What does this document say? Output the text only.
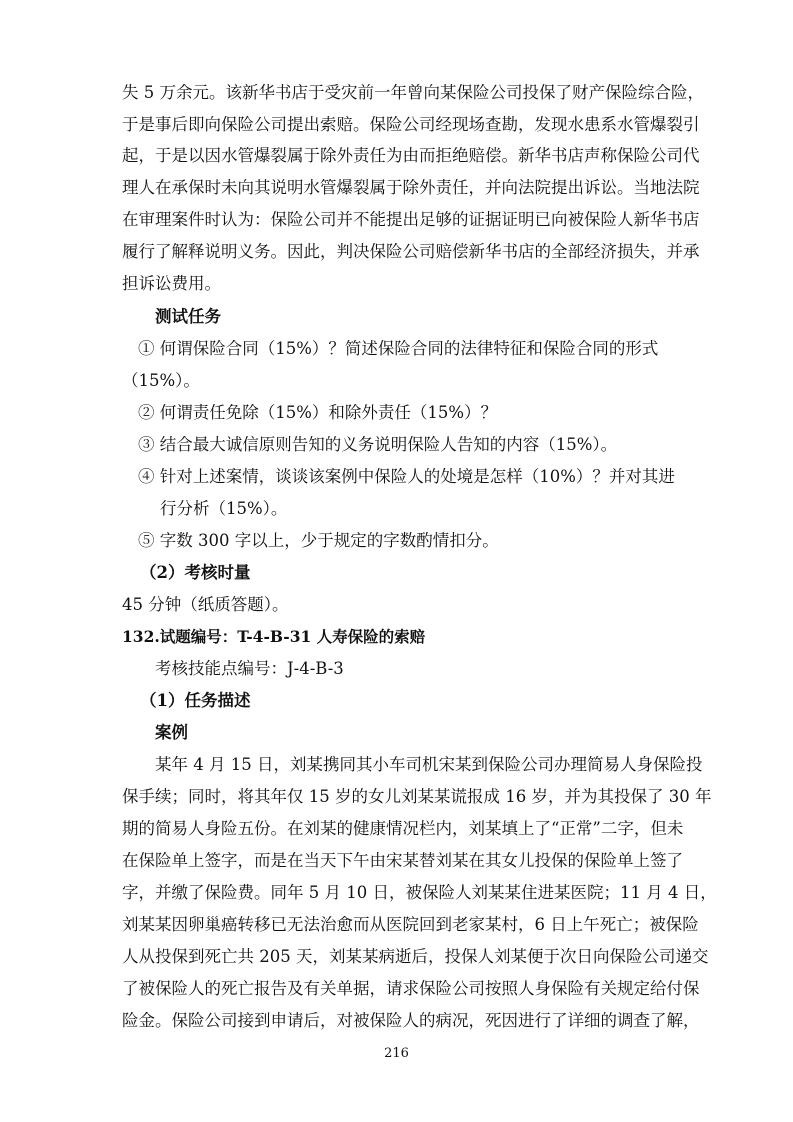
失 5 万余元。该新华书店于受灾前一年曾向某保险公司投保了财产保险综合险，
于是事后即向保险公司提出索赔。保险公司经现场查勘，发现水患系水管爆裂引
起，于是以因水管爆裂属于除外责任为由而拒绝赔偿。新华书店声称保险公司代
理人在承保时未向其说明水管爆裂属于除外责任，并向法院提出诉讼。当地法院
在审理案件时认为：保险公司并不能提出足够的证据证明已向被保险人新华书店
履行了解释说明义务。因此，判决保险公司赔偿新华书店的全部经济损失，并承
担诉讼费用。
测试任务
① 何谓保险合同（15%）？简述保险合同的法律特征和保险合同的形式
（15%）。
② 何谓责任免除（15%）和除外责任（15%）？
③ 结合最大诚信原则告知的义务说明保险人告知的内容（15%）。
④ 针对上述案情，谈谈该案例中保险人的处境是怎样（10%）？并对其进
行分析（15%）。
⑤ 字数 300 字以上，少于规定的字数酌情扣分。
（2）考核时量
45 分钟（纸质答题）。
132.试题编号：T-4-B-31 人寿保险的索赔
考核技能点编号：J-4-B-3
（1）任务描述
案例
某年 4 月 15 日，刘某携同其小车司机宋某到保险公司办理简易人身保险投
保手续；同时，将其年仅 15 岁的女儿刘某某谎报成 16 岁，并为其投保了 30 年
期的简易人身险五份。在刘某的健康情况栏内，刘某填上了“正常”二字，但未
在保险单上签字，而是在当天下午由宋某替刘某在其女儿投保的保险单上签了
字，并缴了保险费。同年 5 月 10 日，被保险人刘某某住进某医院；11 月 4 日，
刘某某因卵巢癌转移已无法治愈而从医院回到老家某村，6 日上午死亡；被保险
人从投保到死亡共 205 天，刘某某病逝后，投保人刘某便于次日向保险公司递交
了被保险人的死亡报告及有关单据，请求保险公司按照人身保险有关规定给付保
险金。保险公司接到申请后，对被保险人的病况，死因进行了详细的调查了解，
216
